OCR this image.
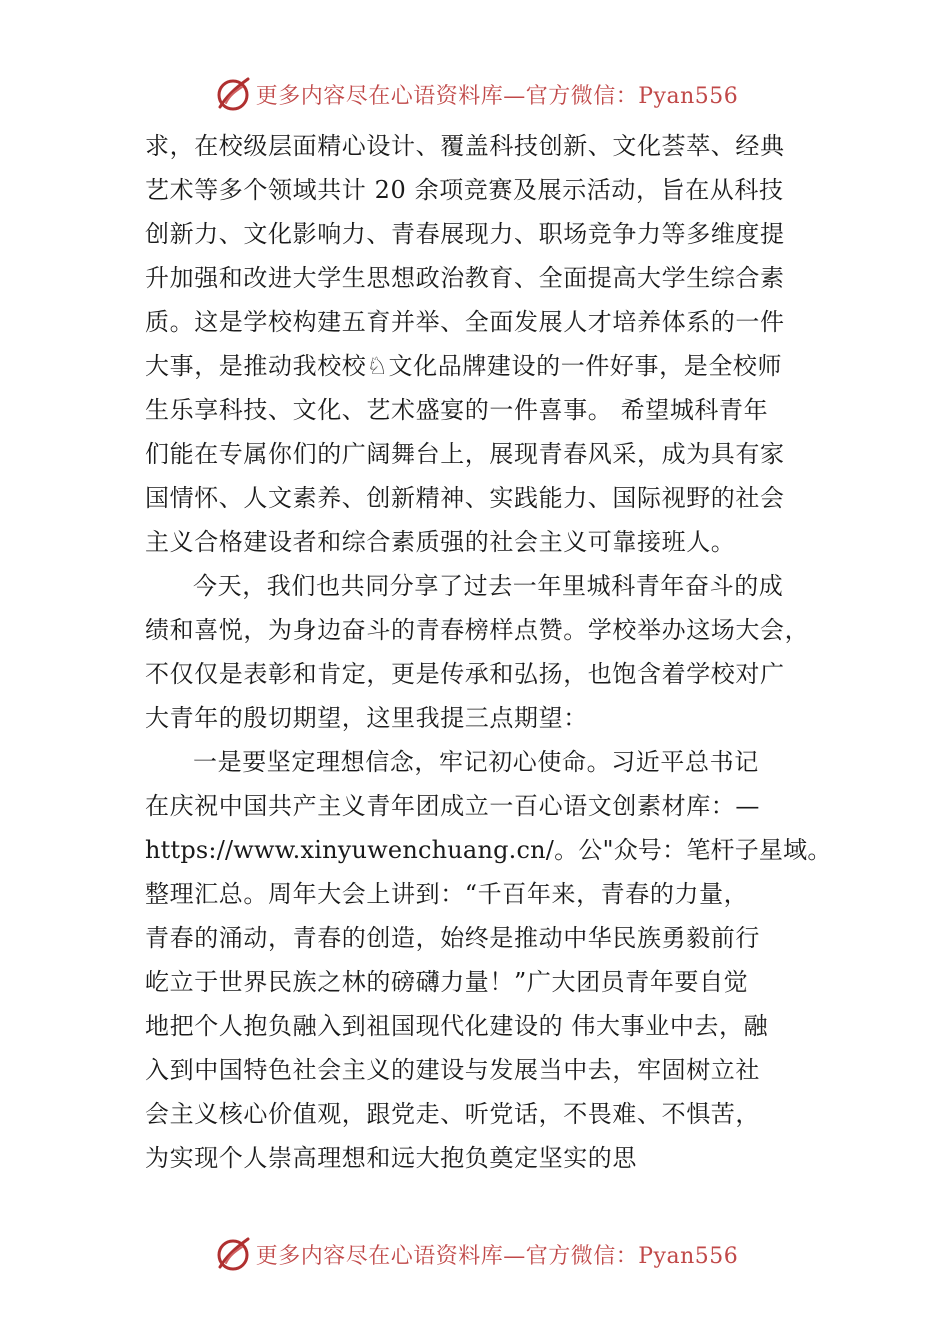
更多内容尽在心语资料库—官方微信：Pyan556
求，在校级层面精心设计、覆盖科技创新、文化荟萃、经典
艺术等多个领域共计 20 余项竞赛及展示活动，旨在从科技
创新力、文化影响力、青春展现力、职场竞争力等多维度提
升加强和改进大学生思想政治教育、全面提高大学生综合素
质。这是学校构建五育并举、全面发展人才培养体系的一件
大事，是推动我校校♘文化品牌建设的一件好事，是全校师
生乐享科技、文化、艺术盛宴的一件喜事。 希望城科青年
们能在专属你们的广阔舞台上，展现青春风采，成为具有家
国情怀、人文素养、创新精神、实践能力、国际视野的社会
主义合格建设者和综合素质强的社会主义可靠接班人。
今天，我们也共同分享了过去一年里城科青年奋斗的成
绩和喜悦，为身边奋斗的青春榜样点赞。学校举办这场大会，
不仅仅是表彰和肯定，更是传承和弘扬，也饱含着学校对广
大青年的殷切期望，这里我提三点期望：
一是要坚定理想信念，牢记初心使命。习近平总书记
在庆祝中国共产主义青年团成立一百心语文创素材库：—
https://www.xinyuwenchuang.cn/。公"众号：笔杆子星域。
整理汇总。周年大会上讲到：“千百年来，青春的力量，
青春的涌动，青春的创造，始终是推动中华民族勇毅前行
屹立于世界民族之林的磅礴力量！”广大团员青年要自觉
地把个人抱负融入到祖国现代化建设的 伟大事业中去，融
入到中国特色社会主义的建设与发展当中去，牢固树立社
会主义核心价值观，跟党走、听党话，不畏难、不惧苦，
为实现个人崇高理想和远大抱负奠定坚实的思
更多内容尽在心语资料库—官方微信：Pyan556
